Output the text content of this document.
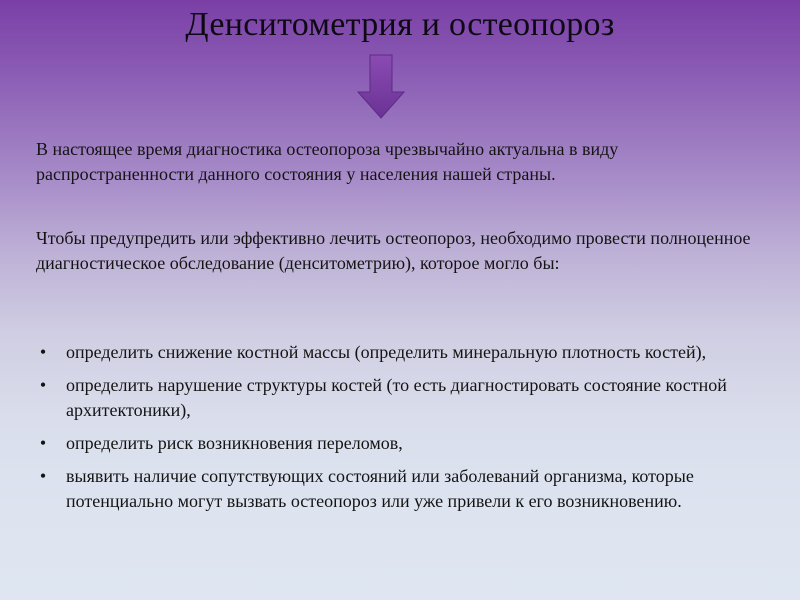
Денситометрия и остеопороз
В настоящее время диагностика остеопороза чрезвычайно актуальна в виду распространенности данного состояния у населения нашей страны.
Чтобы предупредить или эффективно лечить остеопороз, необходимо провести полноценное диагностическое обследование (денситометрию), которое могло бы:
• определить снижение костной массы (определить минеральную плотность костей),
• определить нарушение структуры костей (то есть диагностировать состояние костной архитектоники),
• определить риск возникновения переломов,
• выявить наличие сопутствующих состояний или заболеваний организма, которые потенциально могут вызвать остеопороз или уже привели к его возникновению.
